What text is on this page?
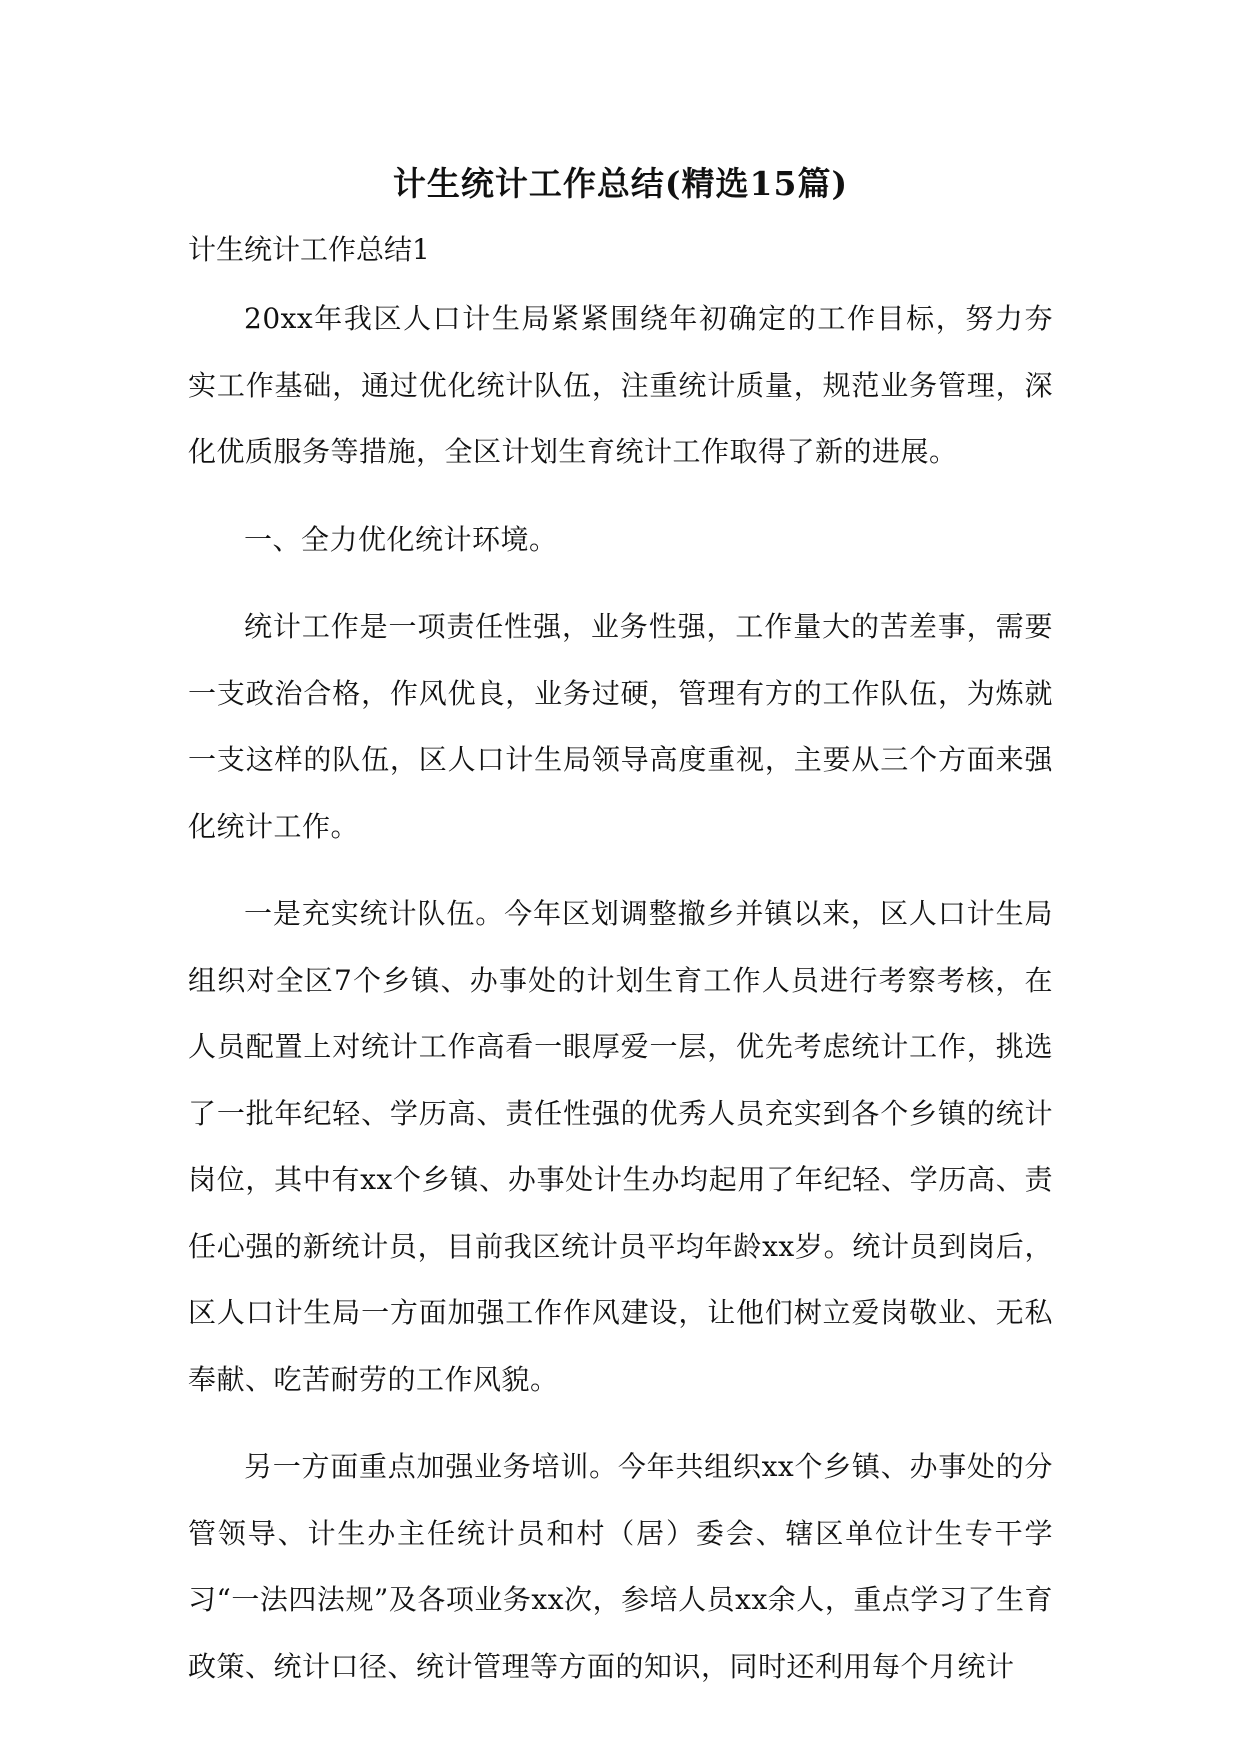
计生统计工作总结(精选15篇)

计生统计工作总结1

20xx年我区人口计生局紧紧围绕年初确定的工作目标，努力夯实工作基础，通过优化统计队伍，注重统计质量，规范业务管理，深化优质服务等措施，全区计划生育统计工作取得了新的进展。

一、全力优化统计环境。

统计工作是一项责任性强，业务性强，工作量大的苦差事，需要一支政治合格，作风优良，业务过硬，管理有方的工作队伍，为炼就一支这样的队伍，区人口计生局领导高度重视，主要从三个方面来强化统计工作。

一是充实统计队伍。今年区划调整撤乡并镇以来，区人口计生局组织对全区7个乡镇、办事处的计划生育工作人员进行考察考核，在人员配置上对统计工作高看一眼厚爱一层，优先考虑统计工作，挑选了一批年纪轻、学历高、责任性强的优秀人员充实到各个乡镇的统计岗位，其中有xx个乡镇、办事处计生办均起用了年纪轻、学历高、责任心强的新统计员，目前我区统计员平均年龄xx岁。统计员到岗后，区人口计生局一方面加强工作作风建设，让他们树立爱岗敬业、无私奉献、吃苦耐劳的工作风貌。

另一方面重点加强业务培训。今年共组织xx个乡镇、办事处的分管领导、计生办主任统计员和村（居）委会、辖区单位计生专干学习“一法四法规”及各项业务xx次，参培人员xx余人，重点学习了生育政策、统计口径、统计管理等方面的知识，同时还利用每个月统计
